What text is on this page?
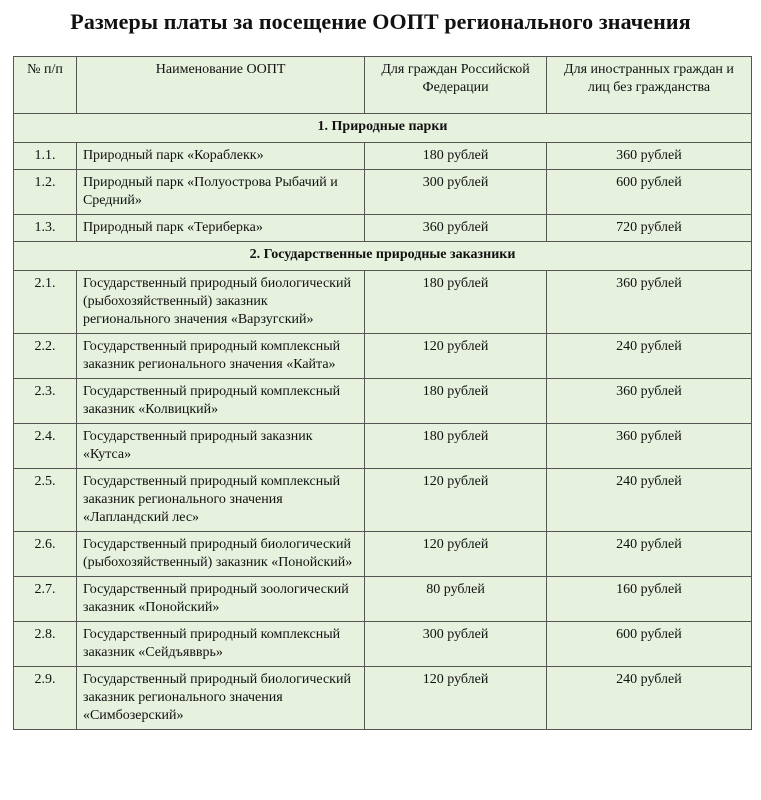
Размеры платы за посещение ООПТ регионального значения
№ п/п	Наименование ООПТ	Для граждан Российской Федерации	Для иностранных граждан и лиц без гражданства
1. Природные парки			
1.1.	Природный парк «Кораблекк»	180 рублей	360 рублей
1.2.	Природный парк «Полуострова Рыбачий и Средний»	300 рублей	600 рублей
1.3.	Природный парк «Териберка»	360 рублей	720 рублей
2. Государственные природные заказники			
2.1.	Государственный природный биологический (рыбохозяйственный) заказник регионального значения «Варзугский»	180 рублей	360 рублей
2.2.	Государственный природный комплексный заказник регионального значения «Кайта»	120 рублей	240 рублей
2.3.	Государственный природный комплексный заказник «Колвицкий»	180 рублей	360 рублей
2.4.	Государственный природный заказник «Кутса»	180 рублей	360 рублей
2.5.	Государственный природный комплексный заказник регионального значения «Лапландский лес»	120 рублей	240 рублей
2.6.	Государственный природный биологический (рыбохозяйственный) заказник «Понойский»	120 рублей	240 рублей
2.7.	Государственный природный зоологический заказник «Понойский»	80 рублей	160 рублей
2.8.	Государственный природный комплексный заказник «Сейдъявврь»	300 рублей	600 рублей
2.9.	Государственный природный биологический заказник регионального значения «Симбозерский»	120 рублей	240 рублей
